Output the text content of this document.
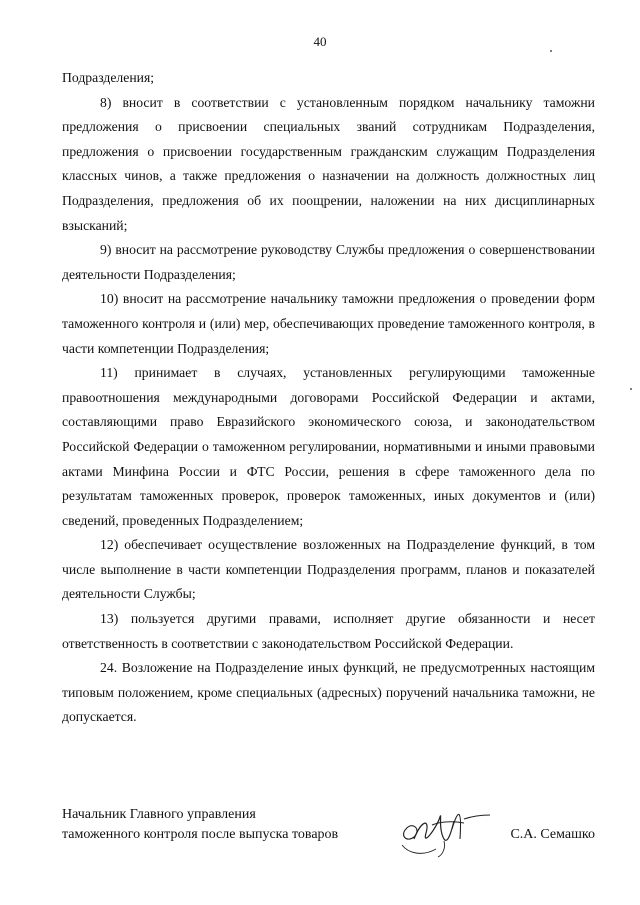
40

Подразделения;

8) вносит в соответствии с установленным порядком начальнику таможни предложения о присвоении специальных званий сотрудникам Подразделения, предложения о присвоении государственным гражданским служащим Подразделения классных чинов, а также предложения о назначении на должность должностных лиц Подразделения, предложения об их поощрении, наложении на них дисциплинарных взысканий;

9) вносит на рассмотрение руководству Службы предложения о совершенствовании деятельности Подразделения;

10) вносит на рассмотрение начальнику таможни предложения о проведении форм таможенного контроля и (или) мер, обеспечивающих проведение таможенного контроля, в части компетенции Подразделения;

11) принимает в случаях, установленных регулирующими таможенные правоотношения международными договорами Российской Федерации и актами, составляющими право Евразийского экономического союза, и законодательством Российской Федерации о таможенном регулировании, нормативными и иными правовыми актами Минфина России и ФТС России, решения в сфере таможенного дела по результатам таможенных проверок, проверок таможенных, иных документов и (или) сведений, проведенных Подразделением;

12) обеспечивает осуществление возложенных на Подразделение функций, в том числе выполнение в части компетенции Подразделения программ, планов и показателей деятельности Службы;

13) пользуется другими правами, исполняет другие обязанности и несет ответственность в соответствии с законодательством Российской Федерации.

24. Возложение на Подразделение иных функций, не предусмотренных настоящим типовым положением, кроме специальных (адресных) поручений начальника таможни, не допускается.

Начальник Главного управления
таможенного контроля после выпуска товаров	С.А. Семашко
